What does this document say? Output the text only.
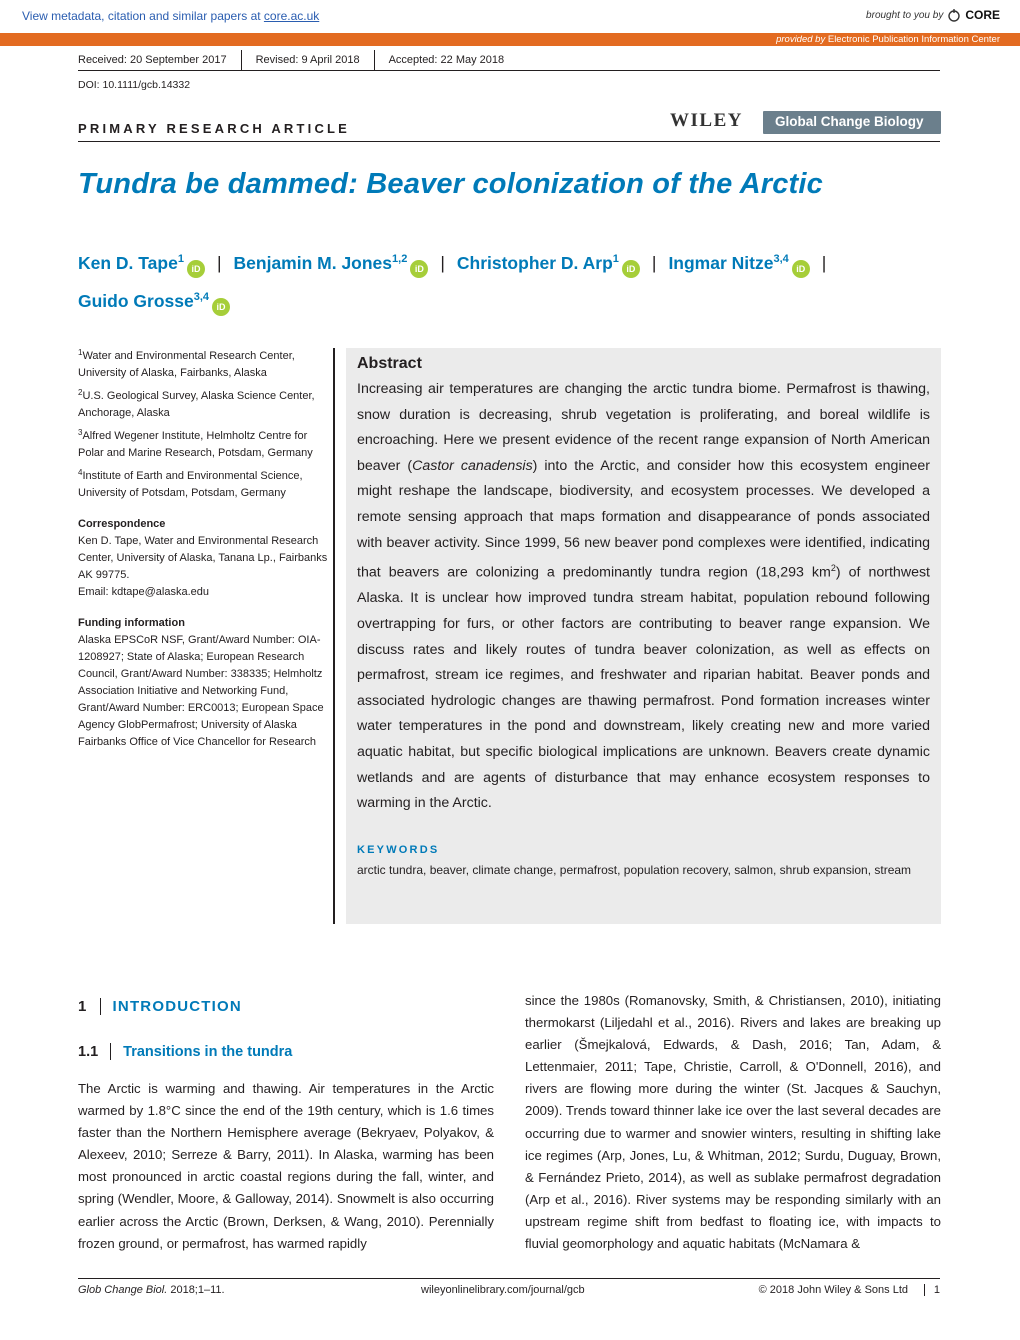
View metadata, citation and similar papers at core.ac.uk	brought to you by CORE
provided by Electronic Publication Information Center
Received: 20 September 2017	Revised: 9 April 2018	Accepted: 22 May 2018
DOI: 10.1111/gcb.14332
PRIMARY RESEARCH ARTICLE	WILEY Global Change Biology
Tundra be dammed: Beaver colonization of the Arctic
Ken D. Tape$^1$iD | Benjamin M. Jones$^{1,2}$iD | Christopher D. Arp$^1$iD | Ingmar Nitze$^{3,4}$iD |
Guido Grosse$^{3,4}$iD
$^1$Water and Environmental Research Center, University of Alaska, Fairbanks, Alaska
$^2$U.S. Geological Survey, Alaska Science Center, Anchorage, Alaska
$^3$Alfred Wegener Institute, Helmholtz Centre for Polar and Marine Research, Potsdam, Germany
$^4$Institute of Earth and Environmental Science, University of Potsdam, Potsdam, Germany
Correspondence
Ken D. Tape, Water and Environmental Research Center, University of Alaska, Tanana Lp., Fairbanks AK 99775.
Email: kdtape@alaska.edu
Funding information
Alaska EPSCoR NSF, Grant/Award Number: OIA-1208927; State of Alaska; European Research Council, Grant/Award Number: 338335; Helmholtz Association Initiative and Networking Fund, Grant/Award Number: ERC0013; European Space Agency GlobPermafrost; University of Alaska Fairbanks Office of Vice Chancellor for Research
Abstract

Increasing air temperatures are changing the arctic tundra biome. Permafrost is thawing, snow duration is decreasing, shrub vegetation is proliferating, and boreal wildlife is encroaching. Here we present evidence of the recent range expansion of North American beaver (Castor canadensis) into the Arctic, and consider how this ecosystem engineer might reshape the landscape, biodiversity, and ecosystem processes. We developed a remote sensing approach that maps formation and disappearance of ponds associated with beaver activity. Since 1999, 56 new beaver pond complexes were identified, indicating that beavers are colonizing a predominantly tundra region (18,293 $km^2$) of northwest Alaska. It is unclear how improved tundra stream habitat, population rebound following overtrapping for furs, or other factors are contributing to beaver range expansion. We discuss rates and likely routes of tundra beaver colonization, as well as effects on permafrost, stream ice regimes, and freshwater and riparian habitat. Beaver ponds and associated hydrologic changes are thawing permafrost. Pond formation increases winter water temperatures in the pond and downstream, likely creating new and more varied aquatic habitat, but specific biological implications are unknown. Beavers create dynamic wetlands and are agents of disturbance that may enhance ecosystem responses to warming in the Arctic.

KEYWORDS
arctic tundra, beaver, climate change, permafrost, population recovery, salmon, shrub expansion, stream
1 INTRODUCTION
1.1 Transitions in the tundra

The Arctic is warming and thawing. Air temperatures in the Arctic warmed by 1.8°C since the end of the 19th century, which is 1.6 times faster than the Northern Hemisphere average (Bekryaev, Polyakov, & Alexeev, 2010; Serreze & Barry, 2011). In Alaska, warming has been most pronounced in arctic coastal regions during the fall, winter, and spring (Wendler, Moore, & Galloway, 2014). Snowmelt is also occurring earlier across the Arctic (Brown, Derksen, & Wang, 2010). Perennially frozen ground, or permafrost, has warmed rapidly

since the 1980s (Romanovsky, Smith, & Christiansen, 2010), initiating thermokarst (Liljedahl et al., 2016). Rivers and lakes are breaking up earlier (Šmejkalová, Edwards, & Dash, 2016; Tan, Adam, & Lettenmaier, 2011; Tape, Christie, Carroll, & O'Donnell, 2016), and rivers are flowing more during the winter (St. Jacques & Sauchyn, 2009). Trends toward thinner lake ice over the last several decades are occurring due to warmer and snowier winters, resulting in shifting lake ice regimes (Arp, Jones, Lu, & Whitman, 2012; Surdu, Duguay, Brown, & Fernández Prieto, 2014), as well as sublake permafrost degradation (Arp et al., 2016). River systems may be responding similarly with an upstream regime shift from bedfast to floating ice, with impacts to fluvial geomorphology and aquatic habitats (McNamara &

Glob Change Biol. 2018;1–11.	wileyonlinelibrary.com/journal/gcb	© 2018 John Wiley & Sons Ltd	1
